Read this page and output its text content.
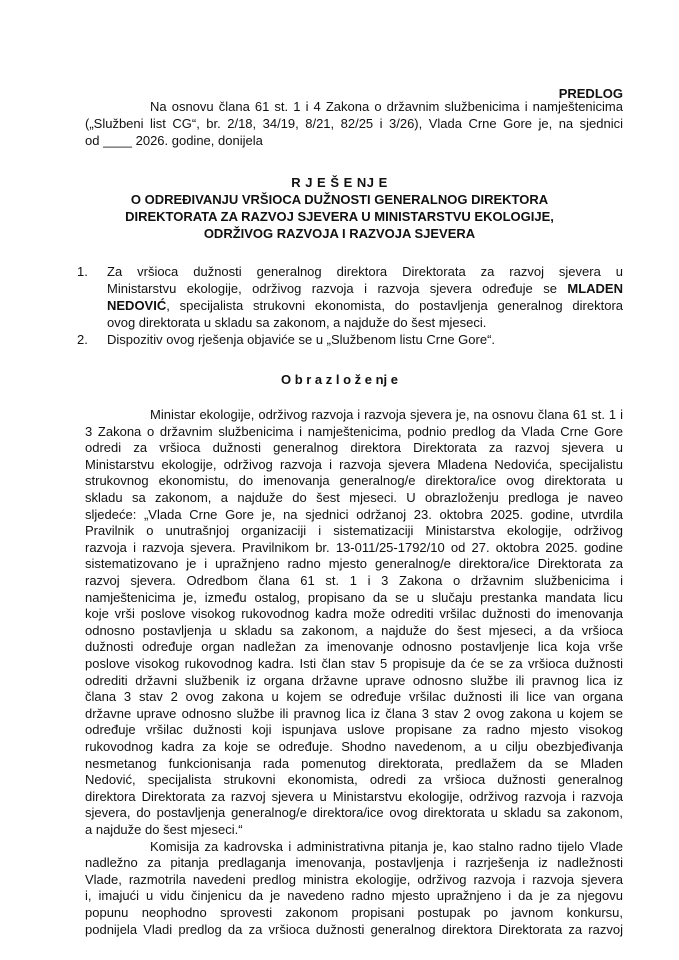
PREDLOG
Na osnovu člana 61 st. 1 i 4 Zakona o državnim službenicima i namještenicima
(„Službeni list CG“, br. 2/18, 34/19, 8/21, 82/25 i 3/26), Vlada Crne Gore je, na sjednici
od ____ 2026. godine, donijela
R J E Š E NJ E
O ODREĐIVANJU VRŠIOCA DUŽNOSTI GENERALNOG DIREKTORA
DIREKTORATA ZA RAZVOJ SJEVERA U MINISTARSTVU EKOLOGIJE,
ODRŽIVOG RAZVOJA I RAZVOJA SJEVERA
1. Za vršioca dužnosti generalnog direktora Direktorata za razvoj sjevera u
Ministarstvu ekologije, održivog razvoja i razvoja sjevera određuje se MLADEN
NEDOVIĆ, specijalista strukovni ekonomista, do postavljenja generalnog direktora
ovog direktorata u skladu sa zakonom, a najduže do šest mjeseci.
2. Dispozitiv ovog rješenja objaviće se u „Službenom listu Crne Gore“.
O b r a z l o ž e nj e
Ministar ekologije, održivog razvoja i razvoja sjevera je, na osnovu člana 61 st. 1 i
3 Zakona o državnim službenicima i namještenicima, podnio predlog da Vlada Crne Gore
odredi za vršioca dužnosti generalnog direktora Direktorata za razvoj sjevera u
Ministarstvu ekologije, održivog razvoja i razvoja sjevera Mladena Nedovića, specijalistu
strukovnog ekonomistu, do imenovanja generalnog/e direktora/ice ovog direktorata u
skladu sa zakonom, a najduže do šest mjeseci. U obrazloženju predloga je naveo
sljedeće: „Vlada Crne Gore je, na sjednici održanoj 23. oktobra 2025. godine, utvrdila
Pravilnik o unutrašnjoj organizaciji i sistematizaciji Ministarstva ekologije, održivog
razvoja i razvoja sjevera. Pravilnikom br. 13-011/25-1792/10 od 27. oktobra 2025. godine
sistematizovano je i upražnjeno radno mjesto generalnog/e direktora/ice Direktorata za
razvoj sjevera. Odredbom člana 61 st. 1 i 3 Zakona o državnim službenicima i
namještenicima je, između ostalog, propisano da se u slučaju prestanka mandata licu
koje vrši poslove visokog rukovodnog kadra može odrediti vršilac dužnosti do imenovanja
odnosno postavljenja u skladu sa zakonom, a najduže do šest mjeseci, a da vršioca
dužnosti određuje organ nadležan za imenovanje odnosno postavljenje lica koja vrše
poslove visokog rukovodnog kadra. Isti član stav 5 propisuje da će se za vršioca dužnosti
odrediti državni službenik iz organa državne uprave odnosno službe ili pravnog lica iz
člana 3 stav 2 ovog zakona u kojem se određuje vršilac dužnosti ili lice van organa
državne uprave odnosno službe ili pravnog lica iz člana 3 stav 2 ovog zakona u kojem se
određuje vršilac dužnosti koji ispunjava uslove propisane za radno mjesto visokog
rukovodnog kadra za koje se određuje. Shodno navedenom, a u cilju obezbjeđivanja
nesmetanog funkcionisanja rada pomenutog direktorata, predlažem da se Mladen
Nedović, specijalista strukovni ekonomista, odredi za vršioca dužnosti generalnog
direktora Direktorata za razvoj sjevera u Ministarstvu ekologije, održivog razvoja i razvoja
sjevera, do postavljenja generalnog/e direktora/ice ovog direktorata u skladu sa zakonom,
a najduže do šest mjeseci.“
Komisija za kadrovska i administrativna pitanja je, kao stalno radno tijelo Vlade
nadležno za pitanja predlaganja imenovanja, postavljenja i razrješenja iz nadležnosti
Vlade, razmotrila navedeni predlog ministra ekologije, održivog razvoja i razvoja sjevera
i, imajući u vidu činjenicu da je navedeno radno mjesto upražnjeno i da je za njegovu
popunu neophodno sprovesti zakonom propisani postupak po javnom konkursu,
podnijela Vladi predlog da za vršioca dužnosti generalnog direktora Direktorata za razvoj
